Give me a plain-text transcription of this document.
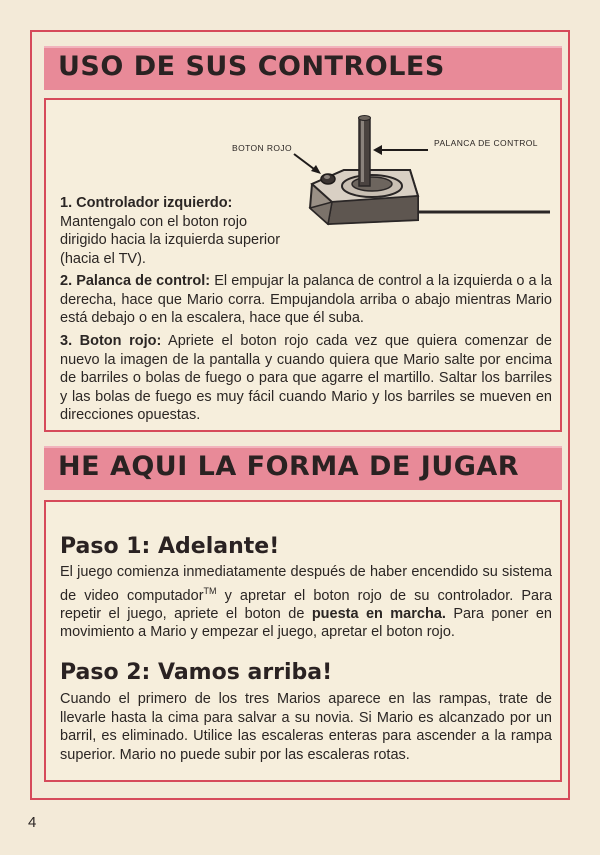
USO DE SUS CONTROLES
BOTON ROJO	PALANCA DE CONTROL
1. Controlador izquierdo:
Mantengalo con el boton rojo dirigido hacia la izquierda superior (hacia el TV).
2. Palanca de control: El empujar la palanca de control a la izquierda o a la derecha, hace que Mario corra. Empujandola arriba o abajo mientras Mario está debajo o en la escalera, hace que él suba.
3. Boton rojo: Apriete el boton rojo cada vez que quiera comenzar de nuevo la imagen de la pantalla y cuando quiera que Mario salte por encima de barriles o bolas de fuego o para que agarre el martillo. Saltar los barriles y las bolas de fuego es muy fácil cuando Mario y los barriles se mueven en direcciones opuestas.
HE AQUI LA FORMA DE JUGAR
Paso 1: Adelante!
El juego comienza inmediatamente después de haber encendido su sistema de video computador™ y apretar el boton rojo de su controlador. Para repetir el juego, apriete el boton de puesta en marcha. Para poner en movimiento a Mario y empezar el juego, apretar el boton rojo.
Paso 2: Vamos arriba!
Cuando el primero de los tres Marios aparece en las rampas, trate de llevarle hasta la cima para salvar a su novia. Si Mario es alcanzado por un barril, es eliminado. Utilice las escaleras enteras para ascender a la rampa superior. Mario no puede subir por las escaleras rotas.
4
